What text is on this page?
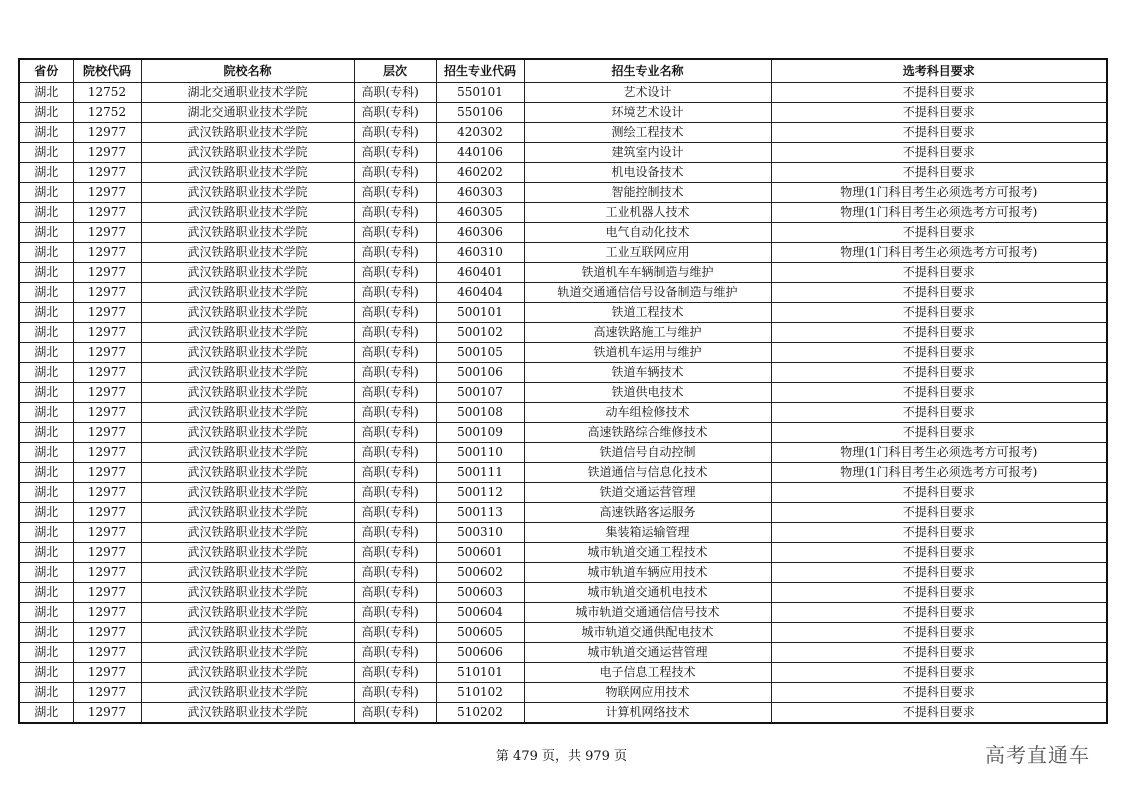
省份	院校代码	院校名称	层次	招生专业代码	招生专业名称	选考科目要求
湖北	12752	湖北交通职业技术学院	高职(专科)	550101	艺术设计	不提科目要求
湖北	12752	湖北交通职业技术学院	高职(专科)	550106	环境艺术设计	不提科目要求
湖北	12977	武汉铁路职业技术学院	高职(专科)	420302	测绘工程技术	不提科目要求
湖北	12977	武汉铁路职业技术学院	高职(专科)	440106	建筑室内设计	不提科目要求
湖北	12977	武汉铁路职业技术学院	高职(专科)	460202	机电设备技术	不提科目要求
湖北	12977	武汉铁路职业技术学院	高职(专科)	460303	智能控制技术	物理(1门科目考生必须选考方可报考)
湖北	12977	武汉铁路职业技术学院	高职(专科)	460305	工业机器人技术	物理(1门科目考生必须选考方可报考)
湖北	12977	武汉铁路职业技术学院	高职(专科)	460306	电气自动化技术	不提科目要求
湖北	12977	武汉铁路职业技术学院	高职(专科)	460310	工业互联网应用	物理(1门科目考生必须选考方可报考)
湖北	12977	武汉铁路职业技术学院	高职(专科)	460401	铁道机车车辆制造与维护	不提科目要求
湖北	12977	武汉铁路职业技术学院	高职(专科)	460404	轨道交通通信信号设备制造与维护	不提科目要求
湖北	12977	武汉铁路职业技术学院	高职(专科)	500101	铁道工程技术	不提科目要求
湖北	12977	武汉铁路职业技术学院	高职(专科)	500102	高速铁路施工与维护	不提科目要求
湖北	12977	武汉铁路职业技术学院	高职(专科)	500105	铁道机车运用与维护	不提科目要求
湖北	12977	武汉铁路职业技术学院	高职(专科)	500106	铁道车辆技术	不提科目要求
湖北	12977	武汉铁路职业技术学院	高职(专科)	500107	铁道供电技术	不提科目要求
湖北	12977	武汉铁路职业技术学院	高职(专科)	500108	动车组检修技术	不提科目要求
湖北	12977	武汉铁路职业技术学院	高职(专科)	500109	高速铁路综合维修技术	不提科目要求
湖北	12977	武汉铁路职业技术学院	高职(专科)	500110	铁道信号自动控制	物理(1门科目考生必须选考方可报考)
湖北	12977	武汉铁路职业技术学院	高职(专科)	500111	铁道通信与信息化技术	物理(1门科目考生必须选考方可报考)
湖北	12977	武汉铁路职业技术学院	高职(专科)	500112	铁道交通运营管理	不提科目要求
湖北	12977	武汉铁路职业技术学院	高职(专科)	500113	高速铁路客运服务	不提科目要求
湖北	12977	武汉铁路职业技术学院	高职(专科)	500310	集装箱运输管理	不提科目要求
湖北	12977	武汉铁路职业技术学院	高职(专科)	500601	城市轨道交通工程技术	不提科目要求
湖北	12977	武汉铁路职业技术学院	高职(专科)	500602	城市轨道车辆应用技术	不提科目要求
湖北	12977	武汉铁路职业技术学院	高职(专科)	500603	城市轨道交通机电技术	不提科目要求
湖北	12977	武汉铁路职业技术学院	高职(专科)	500604	城市轨道交通通信信号技术	不提科目要求
湖北	12977	武汉铁路职业技术学院	高职(专科)	500605	城市轨道交通供配电技术	不提科目要求
湖北	12977	武汉铁路职业技术学院	高职(专科)	500606	城市轨道交通运营管理	不提科目要求
湖北	12977	武汉铁路职业技术学院	高职(专科)	510101	电子信息工程技术	不提科目要求
湖北	12977	武汉铁路职业技术学院	高职(专科)	510102	物联网应用技术	不提科目要求
湖北	12977	武汉铁路职业技术学院	高职(专科)	510202	计算机网络技术	不提科目要求
第 479 页，共 979 页	高考直通车
